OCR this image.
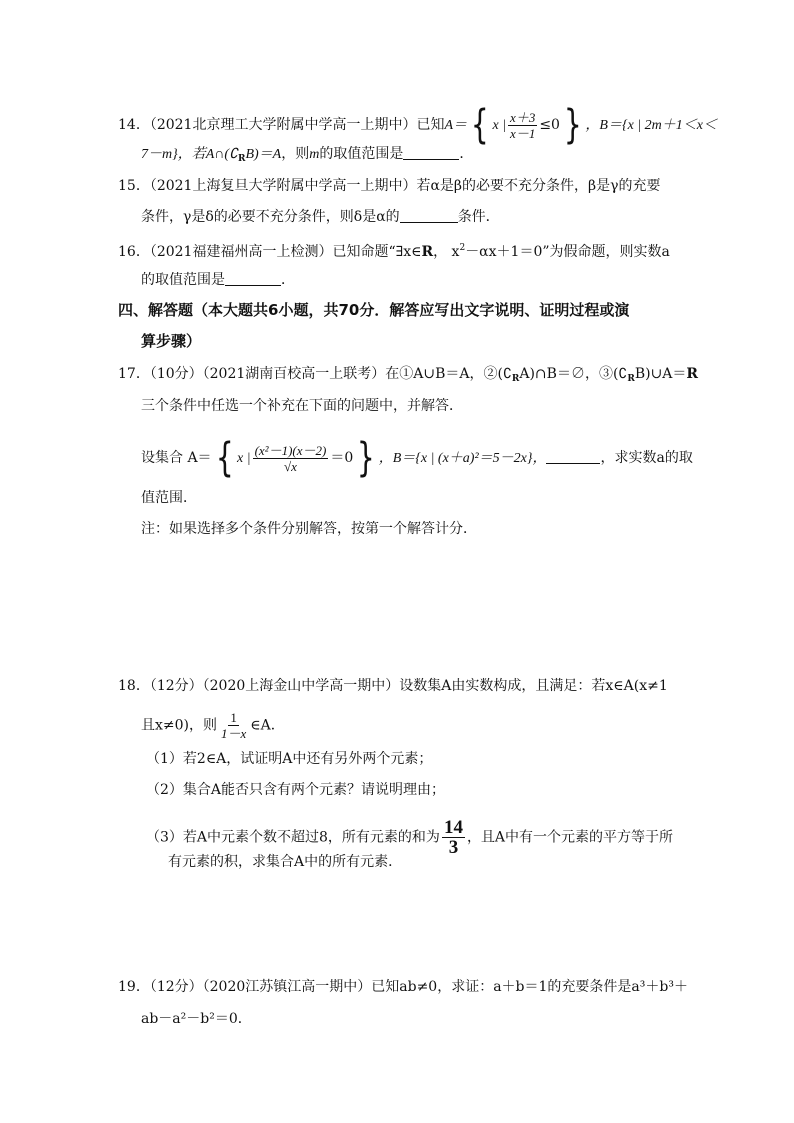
14．（2021北京理工大学附属中学高一上期中）已知A＝{ x | $\frac{x+3}{x-1} \le 0$} ，B＝{x | 2m＋1＜x＜
7－m}，若$A\cap(∁_RB)=A$，则m的取值范围是	．
15．（2021上海复旦大学附属中学高一上期中）若α是β的必要不充分条件，β是γ的充要
条件，γ是δ的必要不充分条件，则δ是α的	条件．
16．（2021福建福州高一上检测）已知命题“∃x∈R， $x^2-\alpha x+1=0$”为假命题，则实数a
的取值范围是	．
四、解答题（本大题共6小题，共70分．解答应写出文字说明、证明过程或演
算步骤）
17．（10分）（2021湖南百校高一上联考）在①A∪B＝A，$②(∁_RA)\cap B=\emptyset$，$③(∁_RB)\cup A=R$
三个条件中任选一个补充在下面的问题中，并解答．
设集合 A＝{ x | $\frac{\text{(x²－1)(x－2)}}{√x} =0$} ，B＝{x | (x＋a)²＝5－2x}，	，求实数a的取
值范围．
注：如果选择多个条件分别解答，按第一个解答计分．
18．（12分）（2020上海金山中学高一期中）设数集A由实数构成，且满足：若x∈A(x≠1
且x≠0)，则 $\frac{1}{1-x}$ ∈A．
（1）若2∈A，试证明A中还有另外两个元素；
（2）集合A能否只含有两个元素？请说明理由；
（3）若A中元素个数不超过8，所有元素的和为 $\frac{14}{3}$ ，且A中有一个元素的平方等于所
有元素的积，求集合A中的所有元素．
19．（12分）（2020江苏镇江高一期中）已知ab≠0，求证：a＋b＝1的充要条件是a³＋b³＋
ab－a²－b²＝0．
